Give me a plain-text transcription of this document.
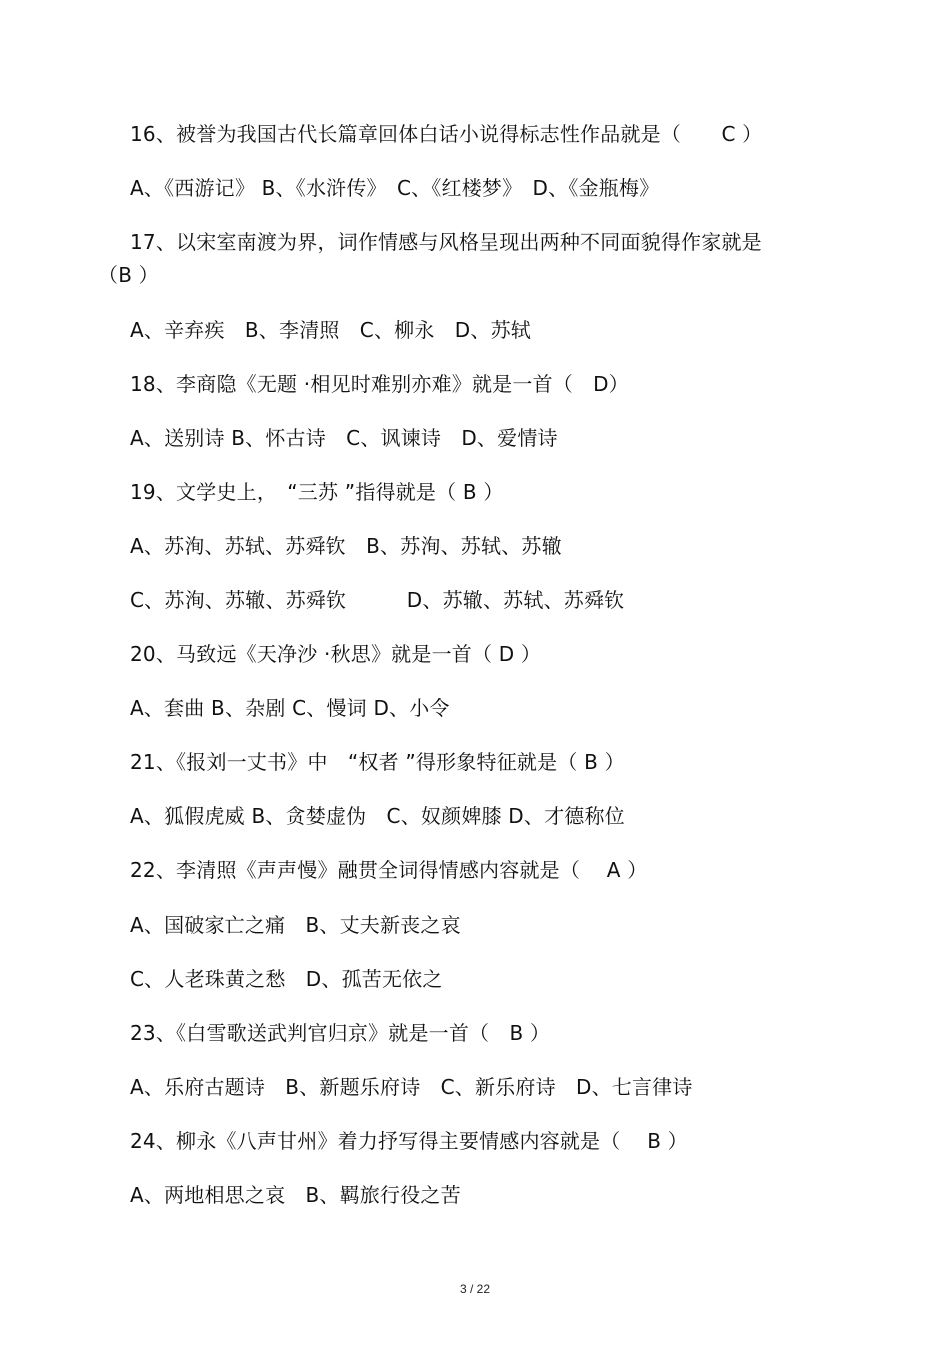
16、被誉为我国古代长篇章回体白话小说得标志性作品就是（　　C ）
A、《西游记》 B、《水浒传》　C、《红楼梦》　D、《金瓶梅》
17、以宋室南渡为界，词作情感与风格呈现出两种不同面貌得作家就是
（B ）
A、辛弃疾　B、李清照　C、柳永　D、苏轼
18、李商隐《无题 ·相见时难别亦难》就是一首（　D）
A、送别诗 B、怀古诗　C、讽谏诗　D、爱情诗
19、文学史上，　“三苏 ”指得就是（ B ）
A、苏洵、苏轼、苏舜钦　B、苏洵、苏轼、苏辙
C、苏洵、苏辙、苏舜钦　　　D、苏辙、苏轼、苏舜钦
20、马致远《天净沙 ·秋思》就是一首（ D ）
A、套曲 B、杂剧 C、慢词 D、小令
21、《报刘一丈书》中　“权者 ”得形象特征就是（ B ）
A、狐假虎威 B、贪婪虚伪　C、奴颜婢膝 D、才德称位
22、李清照《声声慢》融贯全词得情感内容就是（　 A ）
A、国破家亡之痛　B、丈夫新丧之哀
C、人老珠黄之愁　D、孤苦无依之
23、《白雪歌送武判官归京》就是一首（　B ）
A、乐府古题诗　B、新题乐府诗　C、新乐府诗　D、七言律诗
24、柳永《八声甘州》着力抒写得主要情感内容就是（　 B ）
A、两地相思之哀　B、羁旅行役之苦
3 / 22
